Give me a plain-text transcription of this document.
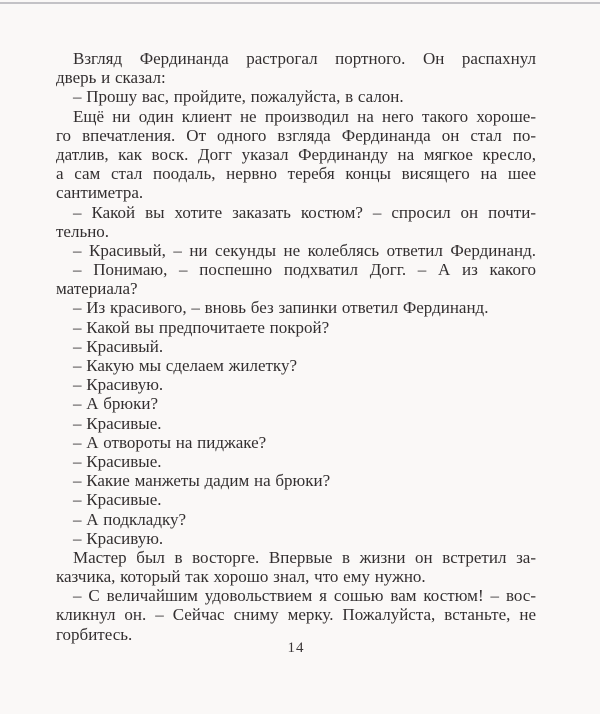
Взгляд Фердинанда растрогал портного. Он распахнул
дверь и сказал:
– Прошу вас, пройдите, пожалуйста, в салон.
Ещё ни один клиент не производил на него такого хороше-
го впечатления. От одного взгляда Фердинанда он стал по-
датлив, как воск. Догг указал Фердинанду на мягкое кресло,
а сам стал поодаль, нервно теребя концы висящего на шее
сантиметра.
– Какой вы хотите заказать костюм? – спросил он почти-
тельно.
– Красивый, – ни секунды не колеблясь ответил Фердинанд.
– Понимаю, – поспешно подхватил Догг. – А из какого
материала?
– Из красивого, – вновь без запинки ответил Фердинанд.
– Какой вы предпочитаете покрой?
– Красивый.
– Какую мы сделаем жилетку?
– Красивую.
– А брюки?
– Красивые.
– А отвороты на пиджаке?
– Красивые.
– Какие манжеты дадим на брюки?
– Красивые.
– А подкладку?
– Красивую.
Мастер был в восторге. Впервые в жизни он встретил за-
казчика, который так хорошо знал, что ему нужно.
– С величайшим удовольствием я сошью вам костюм! – вос-
кликнул он. – Сейчас сниму мерку. Пожалуйста, встаньте, не
горбитесь.
14
